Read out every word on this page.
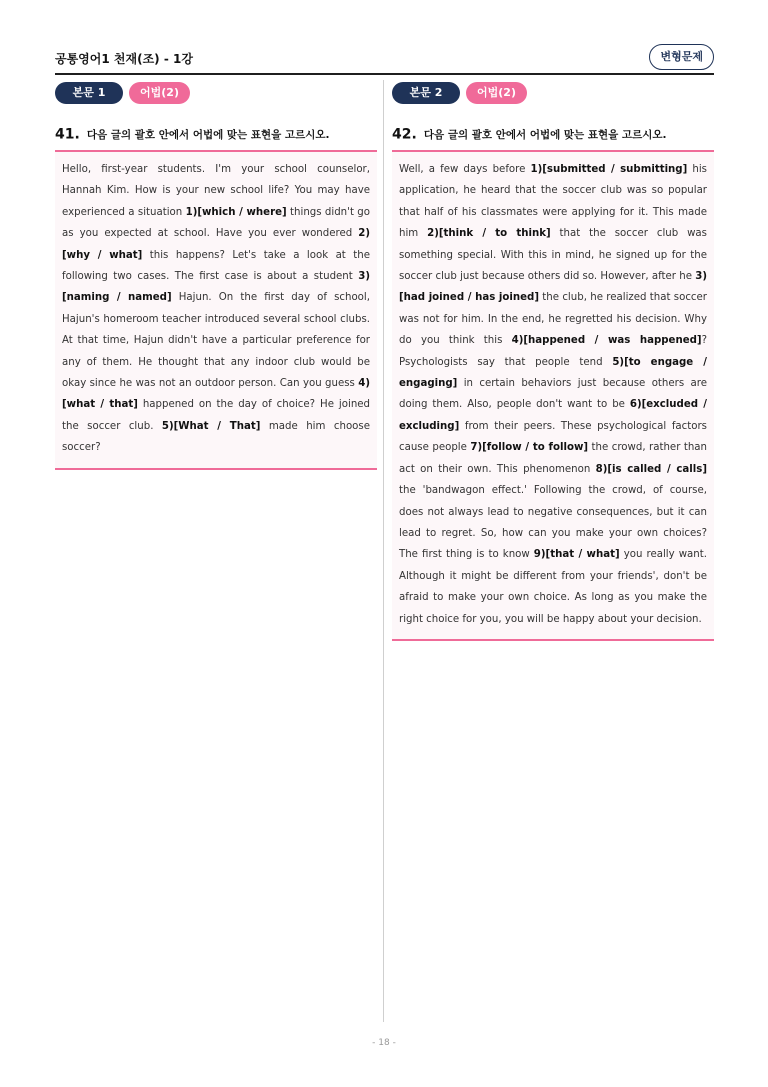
공통영어1 천재(조) - 1강	변형문제
본문 1	어법(2)
41. 다음 글의 괄호 안에서 어법에 맞는 표현을 고르시오.

Hello, first-year students. I'm your school counselor, Hannah Kim. How is your new school life? You may have experienced a situation 1)[which / where] things didn't go as you expected at school. Have you ever wondered 2)[why / what] this happens? Let's take a look at the following two cases. The first case is about a student 3)[naming / named] Hajun. On the first day of school, Hajun's homeroom teacher introduced several school clubs. At that time, Hajun didn't have a particular preference for any of them. He thought that any indoor club would be okay since he was not an outdoor person. Can you guess 4)[what / that] happened on the day of choice? He joined the soccer club. 5)[What / That] made him choose soccer?

본문 2	어법(2)
42. 다음 글의 괄호 안에서 어법에 맞는 표현을 고르시오.

Well, a few days before 1)[submitted / submitting] his application, he heard that the soccer club was so popular that half of his classmates were applying for it. This made him 2)[think / to think] that the soccer club was something special. With this in mind, he signed up for the soccer club just because others did so. However, after he 3)[had joined / has joined] the club, he realized that soccer was not for him. In the end, he regretted his decision. Why do you think this 4)[happened / was happened]? Psychologists say that people tend 5)[to engage / engaging] in certain behaviors just because others are doing them. Also, people don't want to be 6)[excluded / excluding] from their peers. These psychological factors cause people 7)[follow / to follow] the crowd, rather than act on their own. This phenomenon 8)[is called / calls] the 'bandwagon effect.' Following the crowd, of course, does not always lead to negative consequences, but it can lead to regret. So, how can you make your own choices? The first thing is to know 9)[that / what] you really want. Although it might be different from your friends', don't be afraid to make your own choice. As long as you make the right choice for you, you will be happy about your decision.

- 18 -
